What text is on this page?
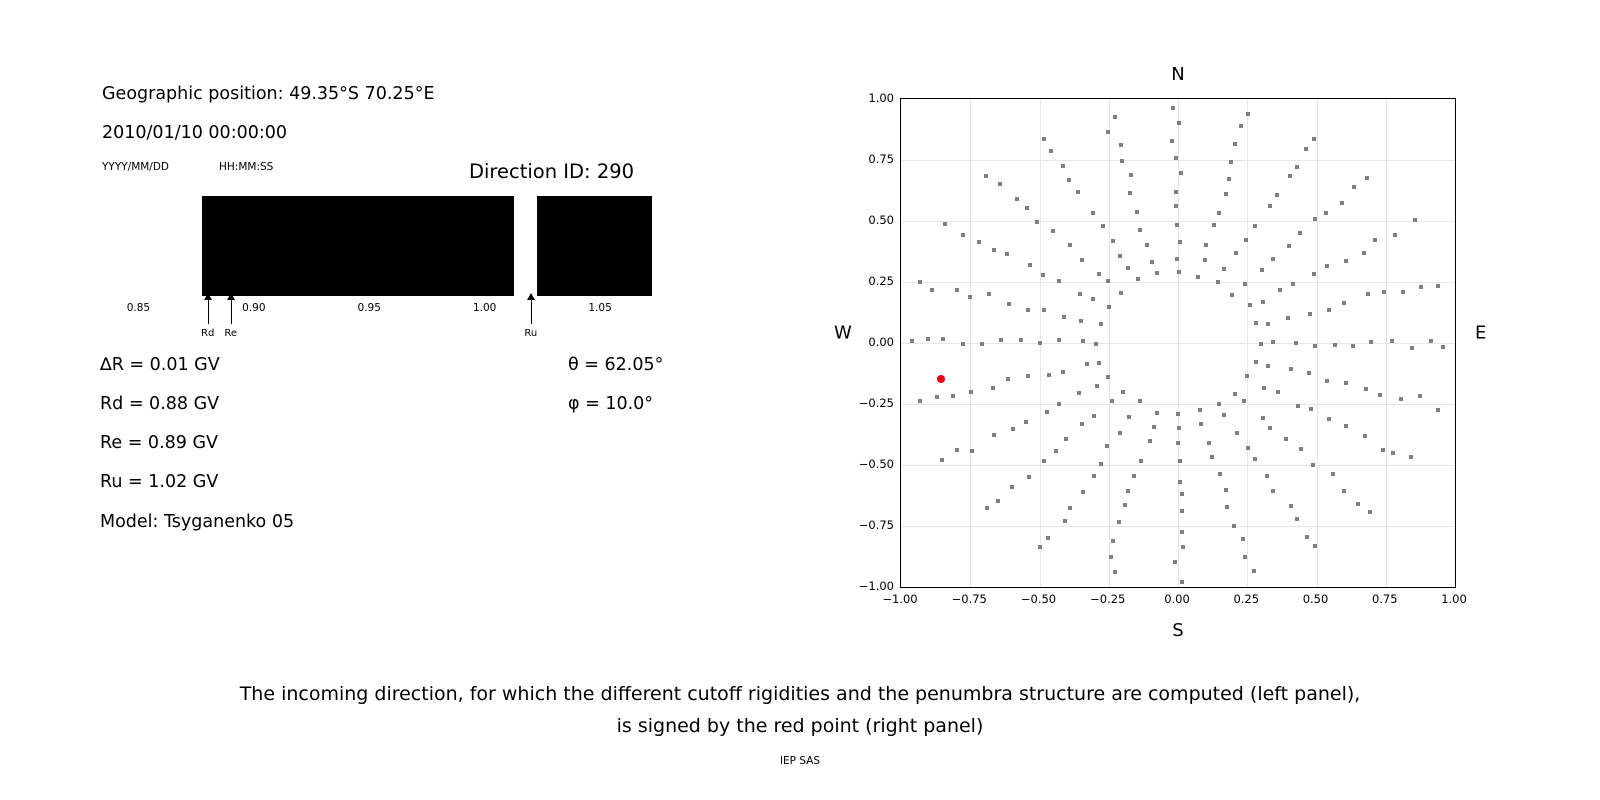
Geographic position: 49.35°S 70.25°E
2010/01/10 00:00:00
YYYY/MM/DD	HH:MM:SS	Direction ID: 290
0.85	0.90	0.95	1.00	1.05
Rd Re	Ru
∆R = 0.01 GV
Rd = 0.88 GV
Re = 0.89 GV
Ru = 1.02 GV
Model: Tsyganenko 05
θ = 62.05°
φ = 10.0°
N
S
W	E
−1.00	−0.75	−0.50	−0.25	0.00	0.25	0.50	0.75	1.00
−1.00
−0.75
−0.50
−0.25
0.00
0.25
0.50
0.75
1.00
The incoming direction, for which the different cutoff rigidities and the penumbra structure are computed (left panel),
is signed by the red point (right panel)
IEP SAS
